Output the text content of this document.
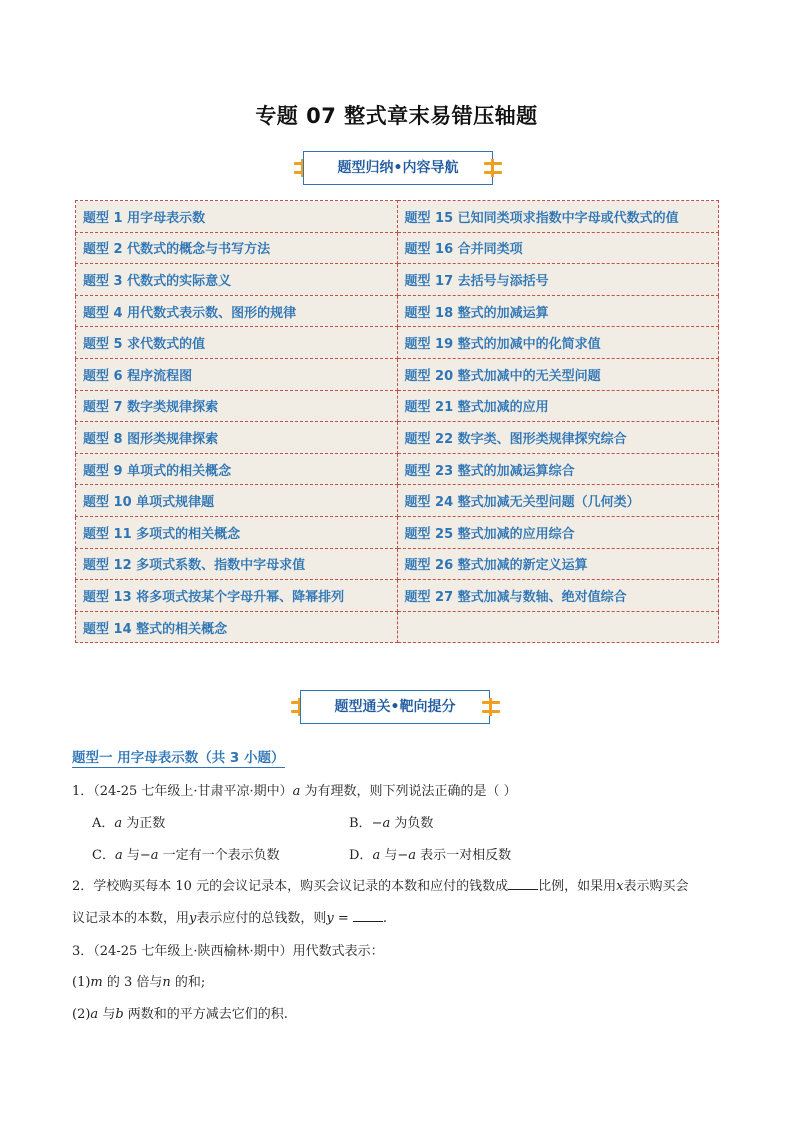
专题 07 整式章末易错压轴题
题型归纳•内容导航
题型 1 用字母表示数	题型 15 已知同类项求指数中字母或代数式的值
题型 2 代数式的概念与书写方法	题型 16 合并同类项
题型 3 代数式的实际意义	题型 17 去括号与添括号
题型 4 用代数式表示数、图形的规律	题型 18 整式的加减运算
题型 5 求代数式的值	题型 19 整式的加减中的化简求值
题型 6 程序流程图	题型 20 整式加减中的无关型问题
题型 7 数字类规律探索	题型 21 整式加减的应用
题型 8 图形类规律探索	题型 22 数字类、图形类规律探究综合
题型 9 单项式的相关概念	题型 23 整式的加减运算综合
题型 10 单项式规律题	题型 24 整式加减无关型问题（几何类）
题型 11 多项式的相关概念	题型 25 整式加减的应用综合
题型 12 多项式系数、指数中字母求值	题型 26 整式加减的新定义运算
题型 13 将多项式按某个字母升幂、降幂排列	题型 27 整式加减与数轴、绝对值综合
题型 14 整式的相关概念	
题型通关•靶向提分
题型一 用字母表示数（共 3 小题）
1．（24-25 七年级上·甘肃平凉·期中）a 为有理数，则下列说法正确的是（ ）
A．a 为正数	B．−a 为负数
C．a 与−a 一定有一个表示负数	D．a 与−a 表示一对相反数
2．学校购买每本 10 元的会议记录本，购买会议记录的本数和应付的钱数成 比例，如果用x表示购买会
议记录本的本数，用y表示应付的总钱数，则y = .
3．（24-25 七年级上·陕西榆林·期中）用代数式表示：
(1)m 的 3 倍与n 的和;
(2)a 与b 两数和的平方减去它们的积.
